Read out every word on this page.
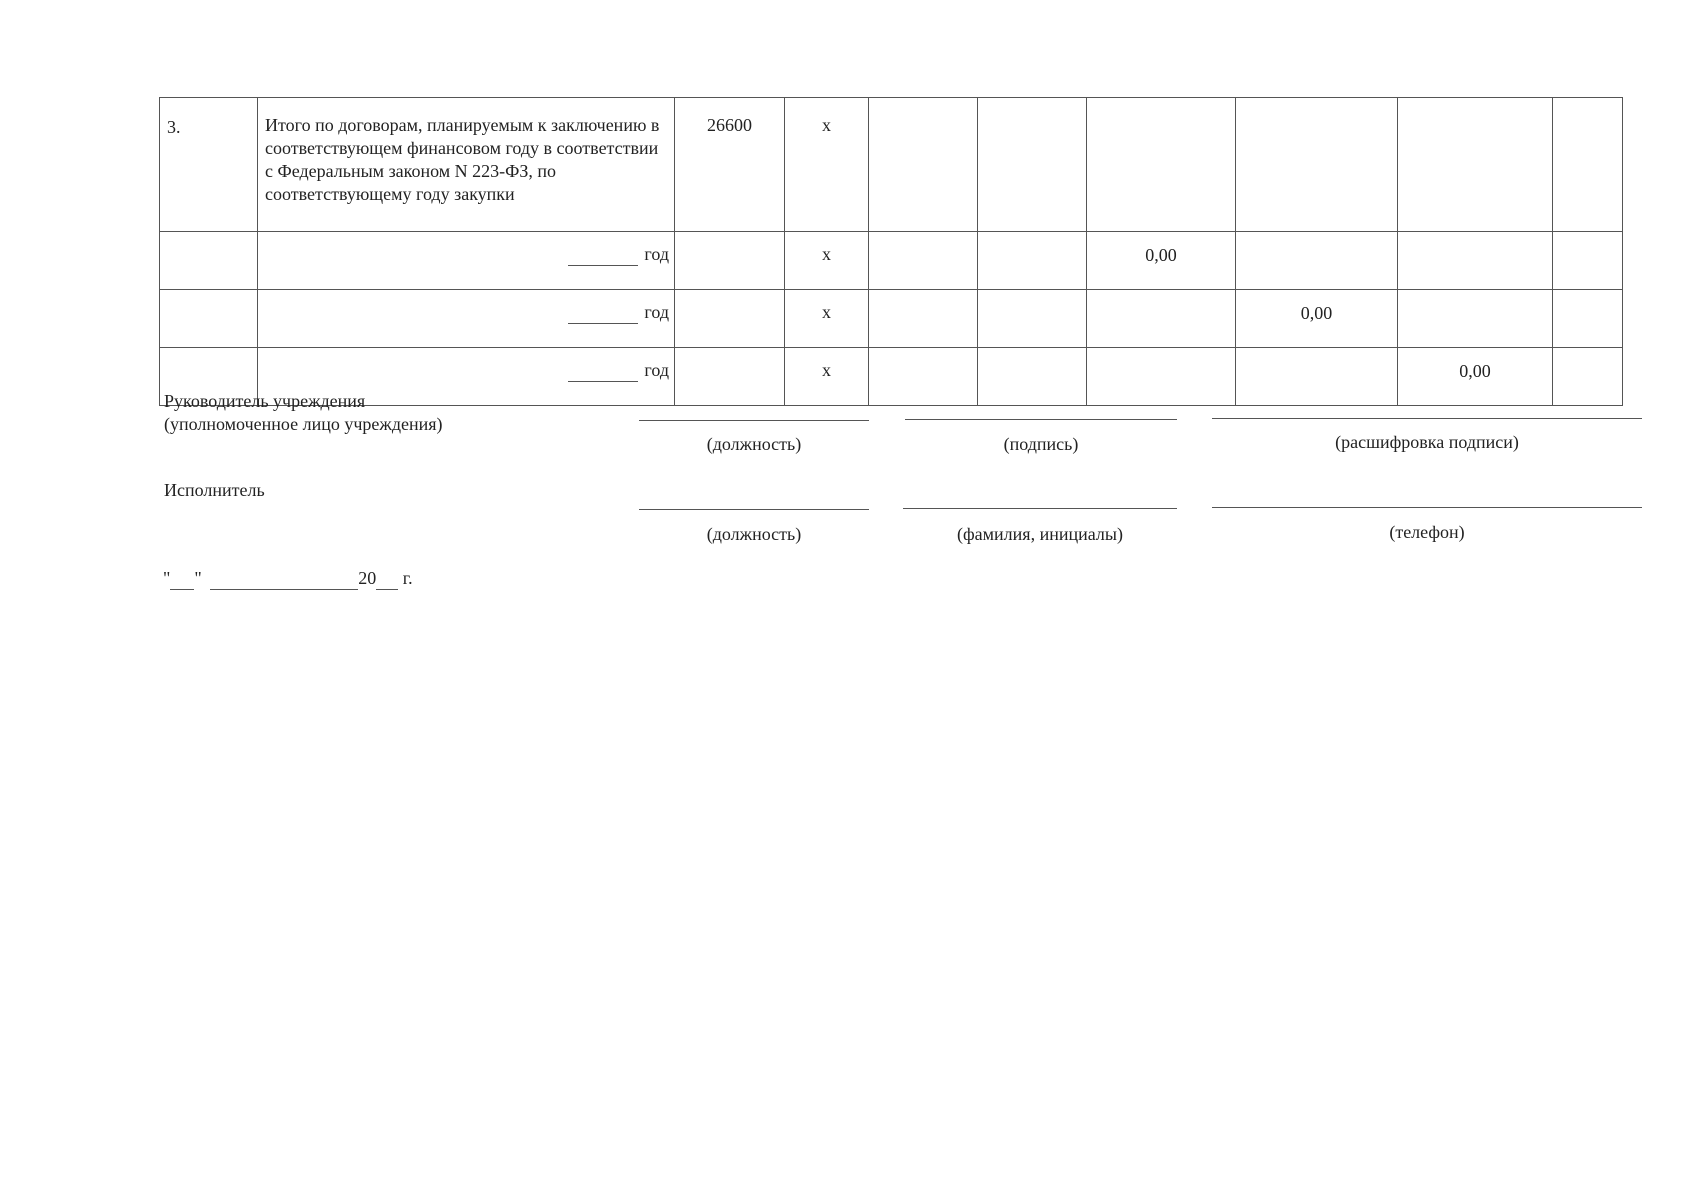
3.	Итого по договорам, планируемым к заключению в соответствующем финансовом году в соответствии с Федеральным законом N 223-ФЗ, по соответствующему году закупки	26600	x						
	год		x			0,00			
	год		x				0,00		
	год		x					0,00	
Руководитель учреждения
(уполномоченное лицо учреждения)
(должность)	(подпись)	(расшифровка подписи)
Исполнитель
(должность)	(фамилия, инициалы)	(телефон)
" "	20 г.
